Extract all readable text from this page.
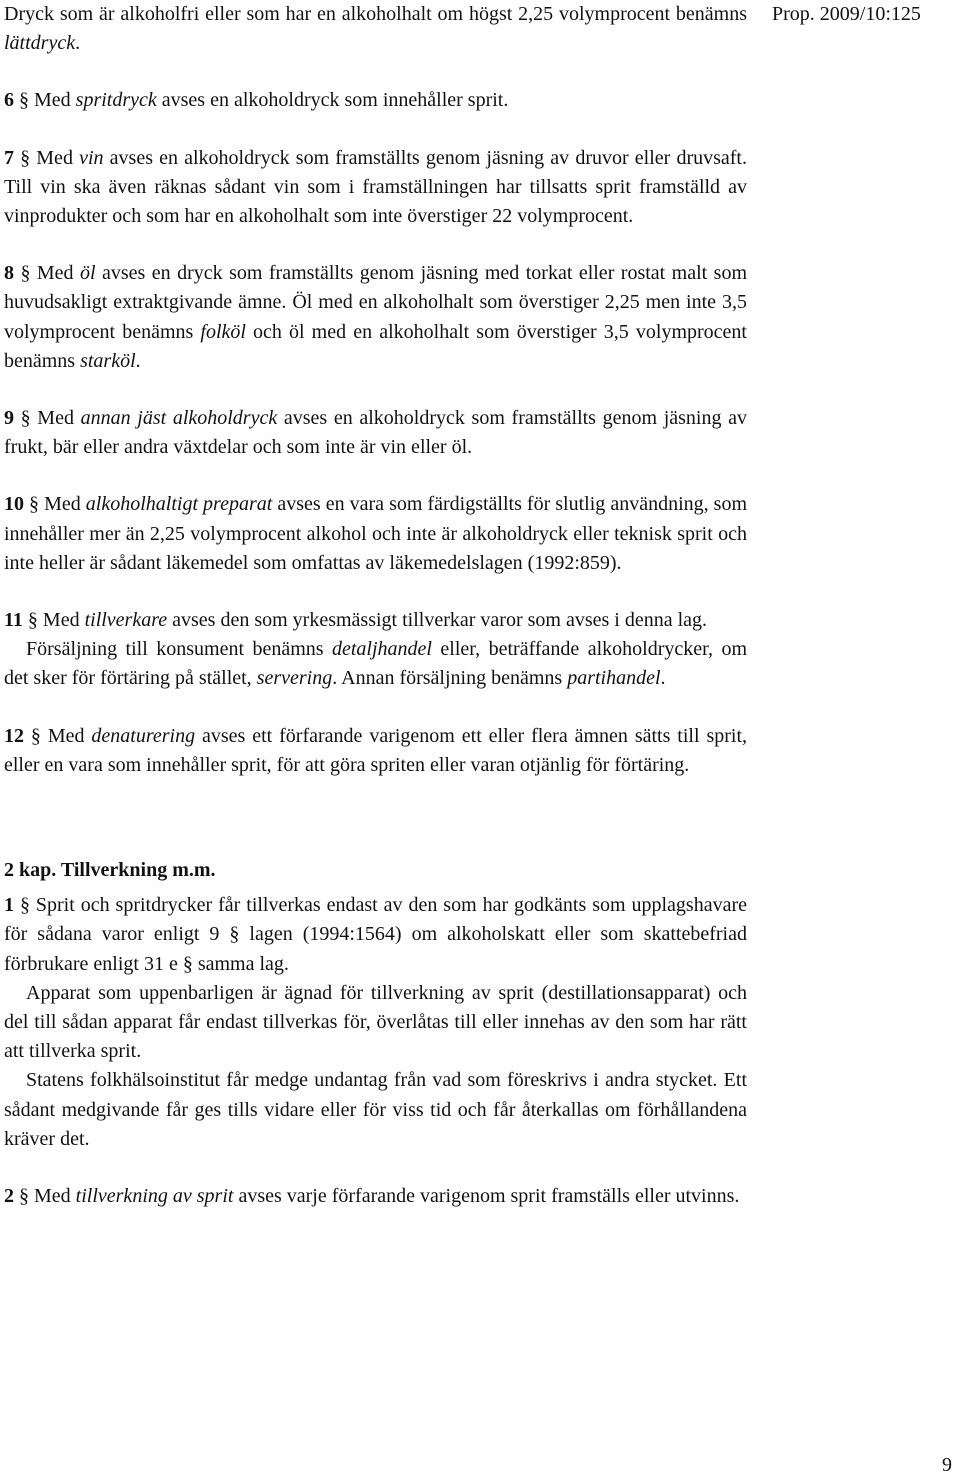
Prop. 2009/10:125

Dryck som är alkoholfri eller som har en alkoholhalt om högst 2,25 volymprocent benämns lättdryck.

6 § Med spritdryck avses en alkoholdryck som innehåller sprit.

7 § Med vin avses en alkoholdryck som framställts genom jäsning av druvor eller druvsaft. Till vin ska även räknas sådant vin som i framställningen har tillsatts sprit framställd av vinprodukter och som har en alkoholhalt som inte överstiger 22 volymprocent.

8 § Med öl avses en dryck som framställts genom jäsning med torkat eller rostat malt som huvudsakligt extraktgivande ämne. Öl med en alkoholhalt som överstiger 2,25 men inte 3,5 volymprocent benämns folköl och öl med en alkoholhalt som överstiger 3,5 volymprocent benämns starköl.

9 § Med annan jäst alkoholdryck avses en alkoholdryck som framställts genom jäsning av frukt, bär eller andra växtdelar och som inte är vin eller öl.

10 § Med alkoholhaltigt preparat avses en vara som färdigställts för slutlig användning, som innehåller mer än 2,25 volymprocent alkohol och inte är alkoholdryck eller teknisk sprit och inte heller är sådant läkemedel som omfattas av läkemedelslagen (1992:859).

11 § Med tillverkare avses den som yrkesmässigt tillverkar varor som avses i denna lag.

Försäljning till konsument benämns detaljhandel eller, beträffande alkoholdrycker, om det sker för förtäring på stället, servering. Annan försäljning benämns partihandel.

12 § Med denaturering avses ett förfarande varigenom ett eller flera ämnen sätts till sprit, eller en vara som innehåller sprit, för att göra spriten eller varan otjänlig för förtäring.

2 kap. Tillverkning m.m.

1 § Sprit och spritdrycker får tillverkas endast av den som har godkänts som upplagshavare för sådana varor enligt 9 § lagen (1994:1564) om alkoholskatt eller som skattebefriad förbrukare enligt 31 e § samma lag.

Apparat som uppenbarligen är ägnad för tillverkning av sprit (destillationsapparat) och del till sådan apparat får endast tillverkas för, överlåtas till eller innehas av den som har rätt att tillverka sprit.

Statens folkhälsoinstitut får medge undantag från vad som föreskrivs i andra stycket. Ett sådant medgivande får ges tills vidare eller för viss tid och får återkallas om förhållandena kräver det.

2 § Med tillverkning av sprit avses varje förfarande varigenom sprit framställs eller utvinns.

9
